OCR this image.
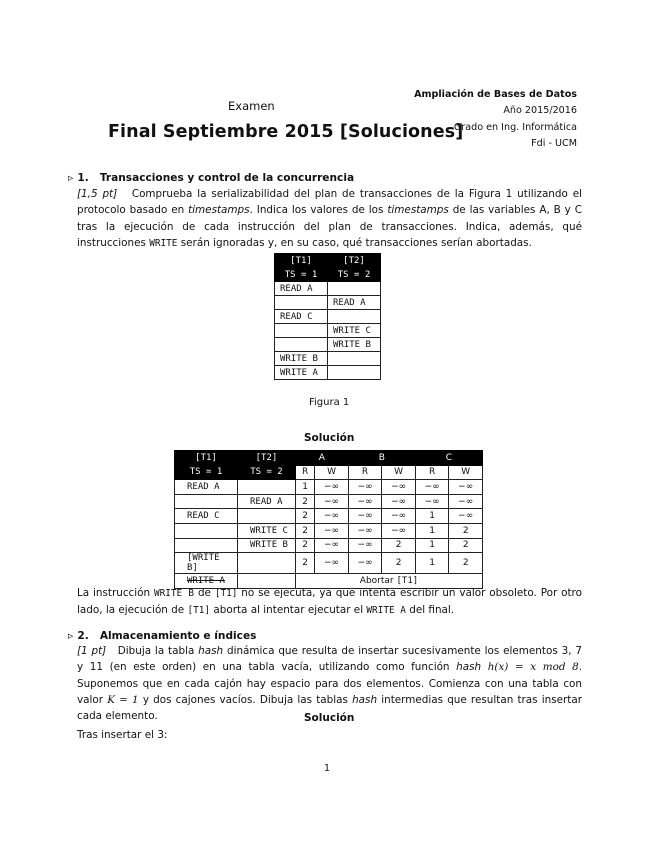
Examen
Final Septiembre 2015 [Soluciones]
Ampliación de Bases de Datos
Año 2015/2016
Grado en Ing. Informática
Fdi - UCM
▹ 1. Transacciones y control de la concurrencia
[1,5 pt] Comprueba la serializabilidad del plan de transacciones de la Figura 1 utilizando el protocolo basado en timestamps. Indica los valores de los timestamps de las variables A, B y C tras la ejecución de cada instrucción del plan de transacciones. Indica, además, qué instrucciones WRITE serán ignoradas y, en su caso, qué transacciones serían abortadas.
[T1]	[T2]
TS = 1	TS = 2
READ A	
	READ A
READ C	
	WRITE C
	WRITE B
WRITE B	
WRITE A	
Figura 1
Solución
[T1]	[T2]	A		B		C	
TS = 1	TS = 2	R	W	R	W	R	W
READ A		1	−∞	−∞	−∞	−∞	−∞
	READ A	2	−∞	−∞	−∞	−∞	−∞
READ C		2	−∞	−∞	−∞	1	−∞
	WRITE C	2	−∞	−∞	−∞	1	2
	WRITE B	2	−∞	−∞	2	1	2
[WRITE B]		2	−∞	−∞	2	1	2
WRITE A		Abortar [T1]					
La instrucción WRITE B de [T1] no se ejecuta, ya que intenta escribir un valor obsoleto. Por otro lado, la ejecución de [T1] aborta al intentar ejecutar el WRITE A del final.
▹ 2. Almacenamiento e índices
[1 pt] Dibuja la tabla hash dinámica que resulta de insertar sucesivamente los elementos 3, 7 y 11 (en este orden) en una tabla vacía, utilizando como función hash h(x) = x mod 8. Suponemos que en cada cajón hay espacio para dos elementos. Comienza con una tabla con valor K = 1 y dos cajones vacíos. Dibuja las tablas hash intermedias que resultan tras insertar cada elemento.	Solución
Tras insertar el 3:
1
